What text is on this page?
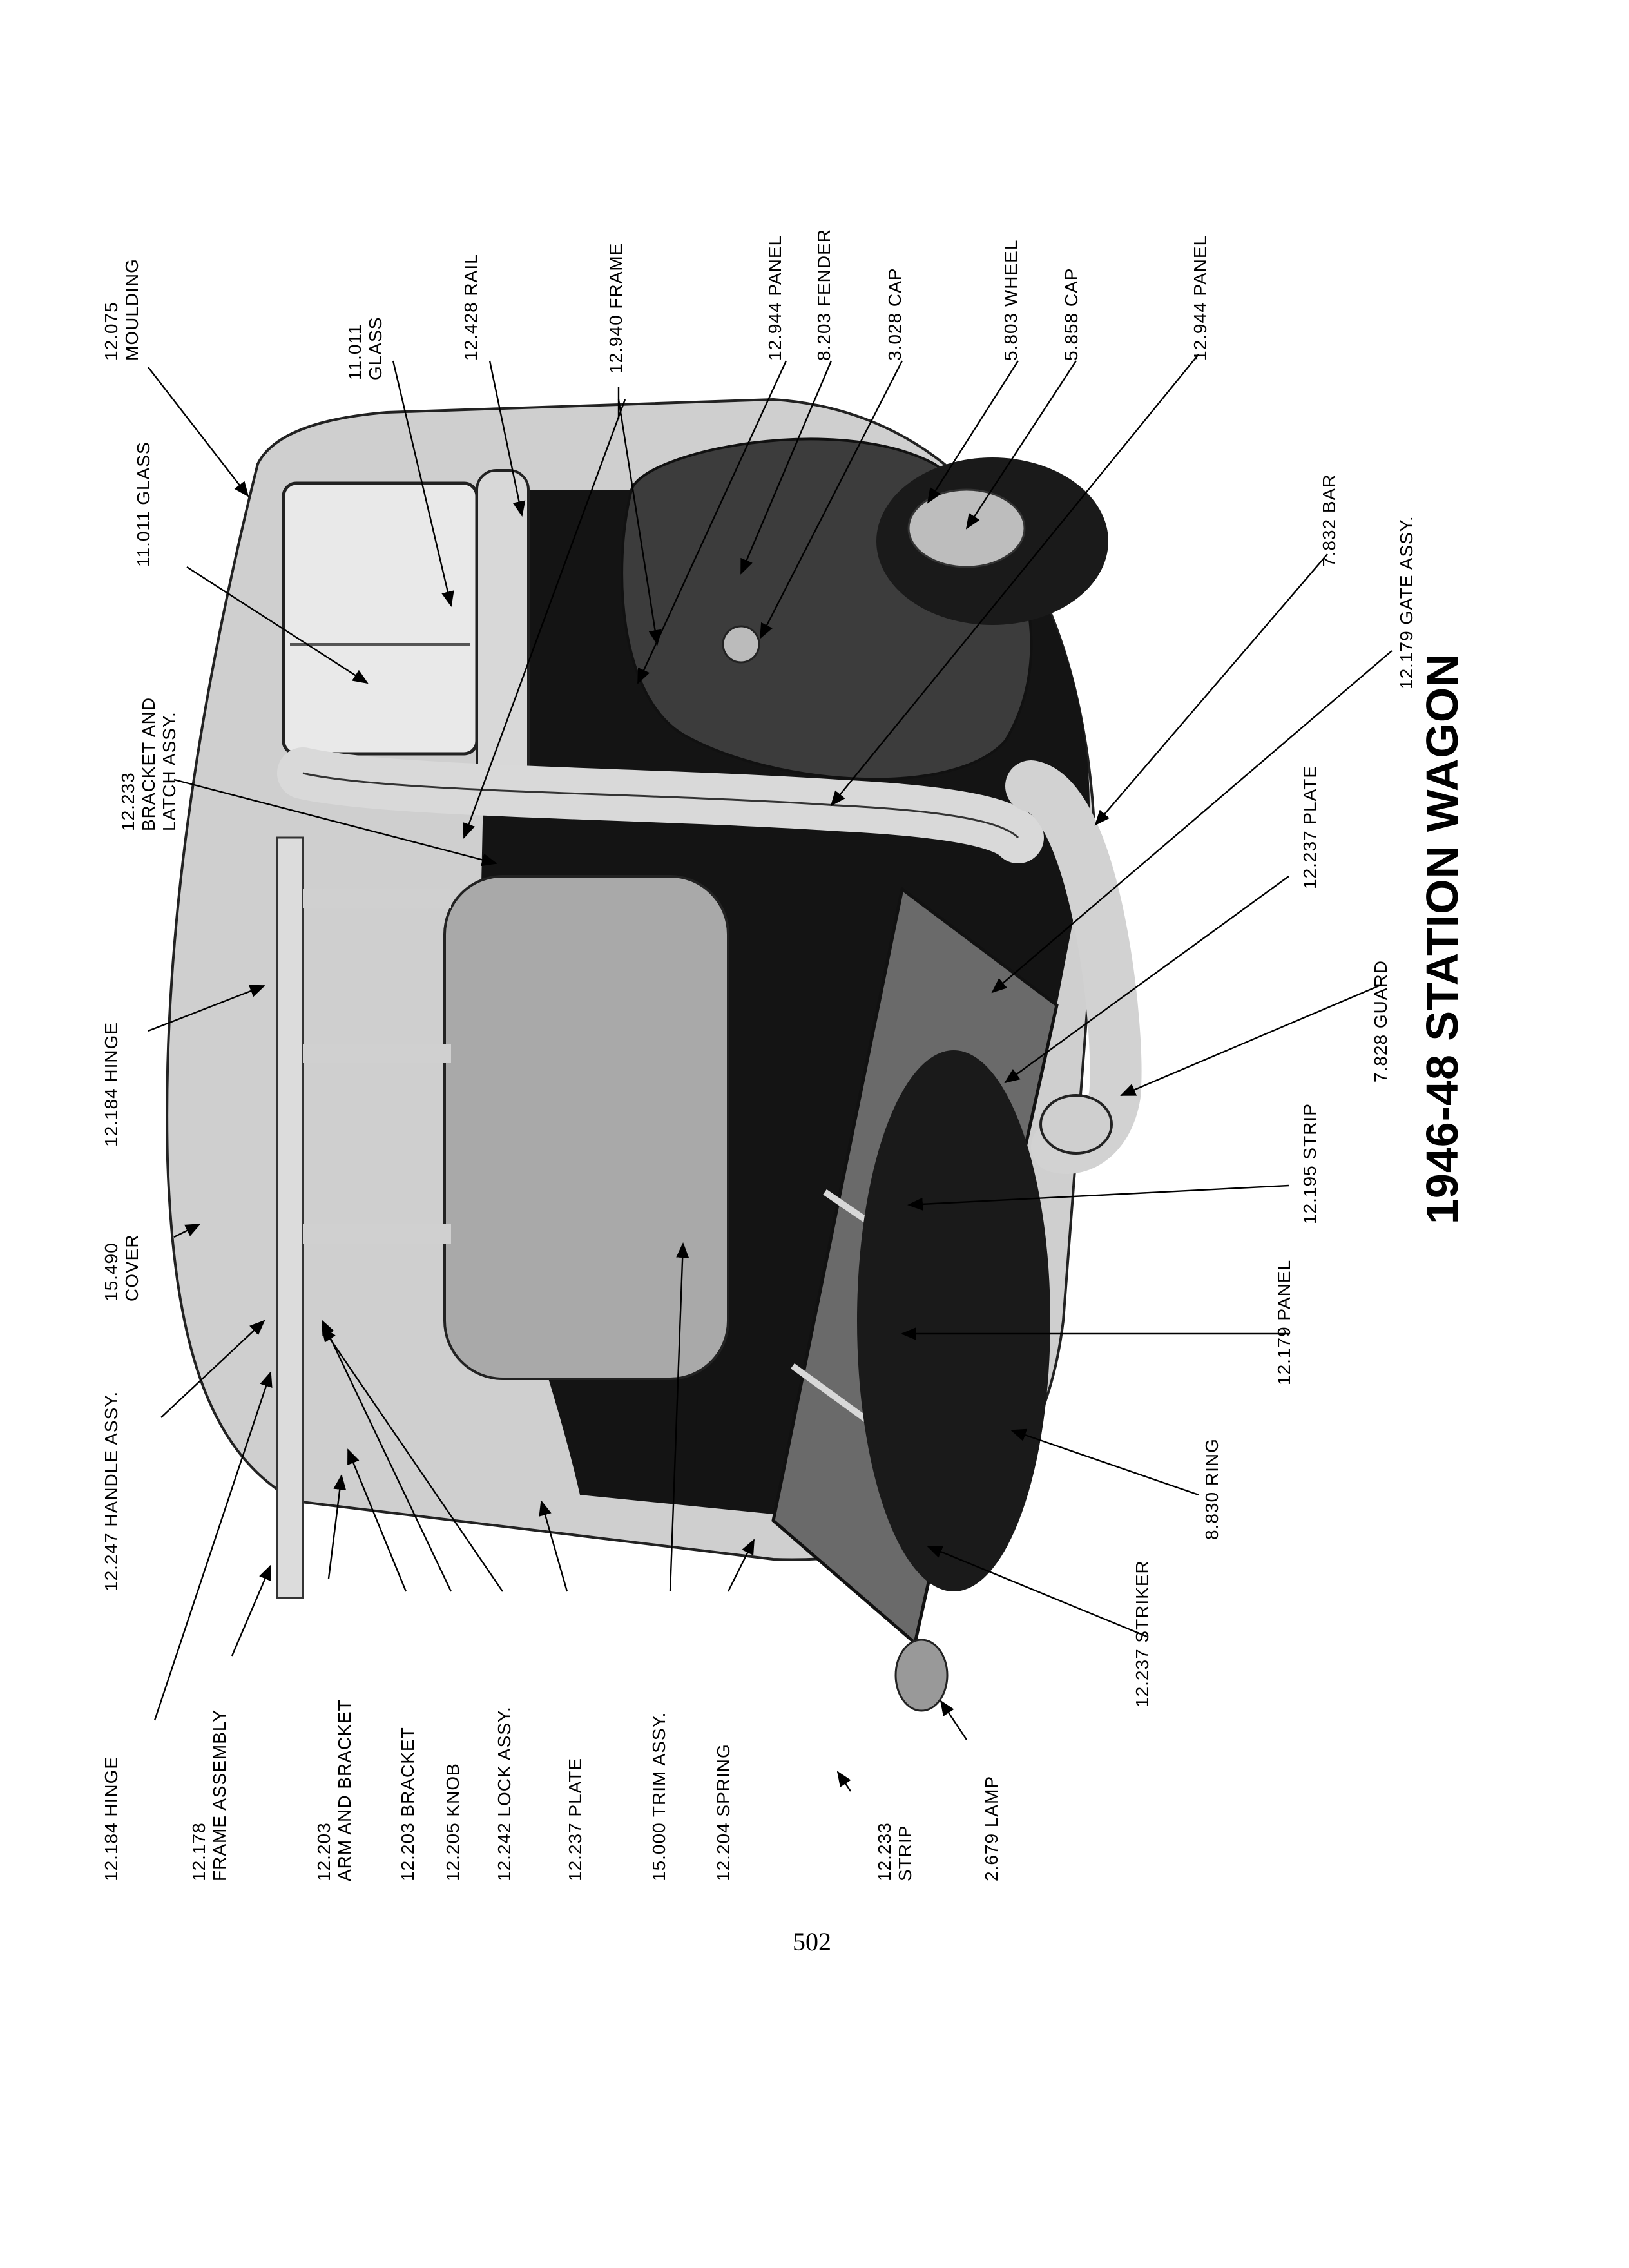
12.075 MOULDING	11.011 GLASS	12.428 RAIL	12.940 FRAME	12.944 PANEL 8.203 FENDER	3.028 CAP	5.803 WHEEL 5.858 CAP	12.944 PANEL
11.011 GLASS
12.233 BRACKET AND LATCH ASSY.
12.184 HINGE
15.490 COVER
12.247 HANDLE ASSY.
12.184 HINGE	12.178 FRAME ASSEMBLY	12.203 ARM AND BRACKET 12.203 BRACKET 12.205 KNOB 12.242 LOCK ASSY.	12.237 PLATE	15.000 TRIM ASSY. 12.204 SPRING	12.233 STRIP	2.679 LAMP
7.832 BAR	12.179 GATE ASSY.
12.237 PLATE
7.828 GUARD
12.195 STRIP
12.179 PANEL
8.830 RING
12.237 STRIKER
1946-48 STATION WAGON
502
